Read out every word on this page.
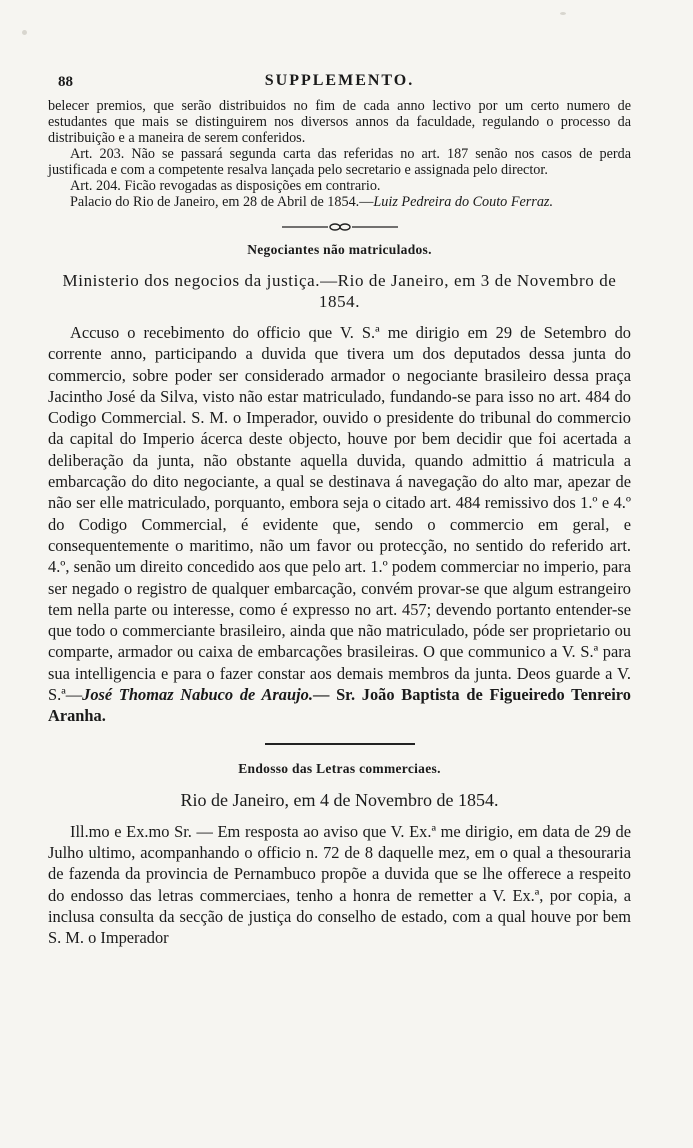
88	SUPPLEMENTO.

belecer premios, que serão distribuidos no fim de cada anno lectivo por um certo numero de estudantes que mais se distinguirem nos diversos annos da faculdade, regulando o processo da distribuição e a maneira de serem conferidos.

Art. 203. Não se passará segunda carta das referidas no art. 187 senão nos casos de perda justificada e com a competente resalva lançada pelo secretario e assignada pelo director.

Art. 204. Ficão revogadas as disposições em contrario.

Palacio do Rio de Janeiro, em 28 de Abril de 1854.—Luiz Pedreira do Couto Ferraz.

Negociantes não matriculados.
Ministerio dos negocios da justiça.—Rio de Janeiro, em 3 de Novembro de 1854.

Accuso o recebimento do officio que V. S.ª me dirigio em 29 de Setembro do corrente anno, participando a duvida que tivera um dos deputados dessa junta do commercio, sobre poder ser considerado armador o negociante brasileiro dessa praça Jacintho José da Silva, visto não estar matriculado, fundando-se para isso no art. 484 do Codigo Commercial. S. M. o Imperador, ouvido o presidente do tribunal do commercio da capital do Imperio ácerca deste objecto, houve por bem decidir que foi acertada a deliberação da junta, não obstante aquella duvida, quando admittio á matricula a embarcação do dito negociante, a qual se destinava á navegação do alto mar, apezar de não ser elle matriculado, porquanto, embora seja o citado art. 484 remissivo dos 1.º e 4.º do Codigo Commercial, é evidente que, sendo o commercio em geral, e consequentemente o maritimo, não um favor ou protecção, no sentido do referido art. 4.º, senão um direito concedido aos que pelo art. 1.º podem commerciar no imperio, para ser negado o registro de qualquer embarcação, convém provar-se que algum estrangeiro tem nella parte ou interesse, como é expresso no art. 457; devendo portanto entender-se que todo o commerciante brasileiro, ainda que não matriculado, póde ser proprietario ou comparte, armador ou caixa de embarcações brasileiras. O que communico a V. S.ª para sua intelligencia e para o fazer constar aos demais membros da junta. Deos guarde a V. S.ª—José Thomaz Nabuco de Araujo.— Sr. João Baptista de Figueiredo Tenreiro Aranha.

Endosso das Letras commerciaes.
Rio de Janeiro, em 4 de Novembro de 1854.

Ill.mo e Ex.mo Sr. — Em resposta ao aviso que V. Ex.ª me dirigio, em data de 29 de Julho ultimo, acompanhando o officio n. 72 de 8 daquelle mez, em o qual a thesouraria de fazenda da provincia de Pernambuco propõe a duvida que se lhe offerece a respeito do endosso das letras commerciaes, tenho a honra de remetter a V. Ex.ª, por copia, a inclusa consulta da secção de justiça do conselho de estado, com a qual houve por bem S. M. o Imperador
